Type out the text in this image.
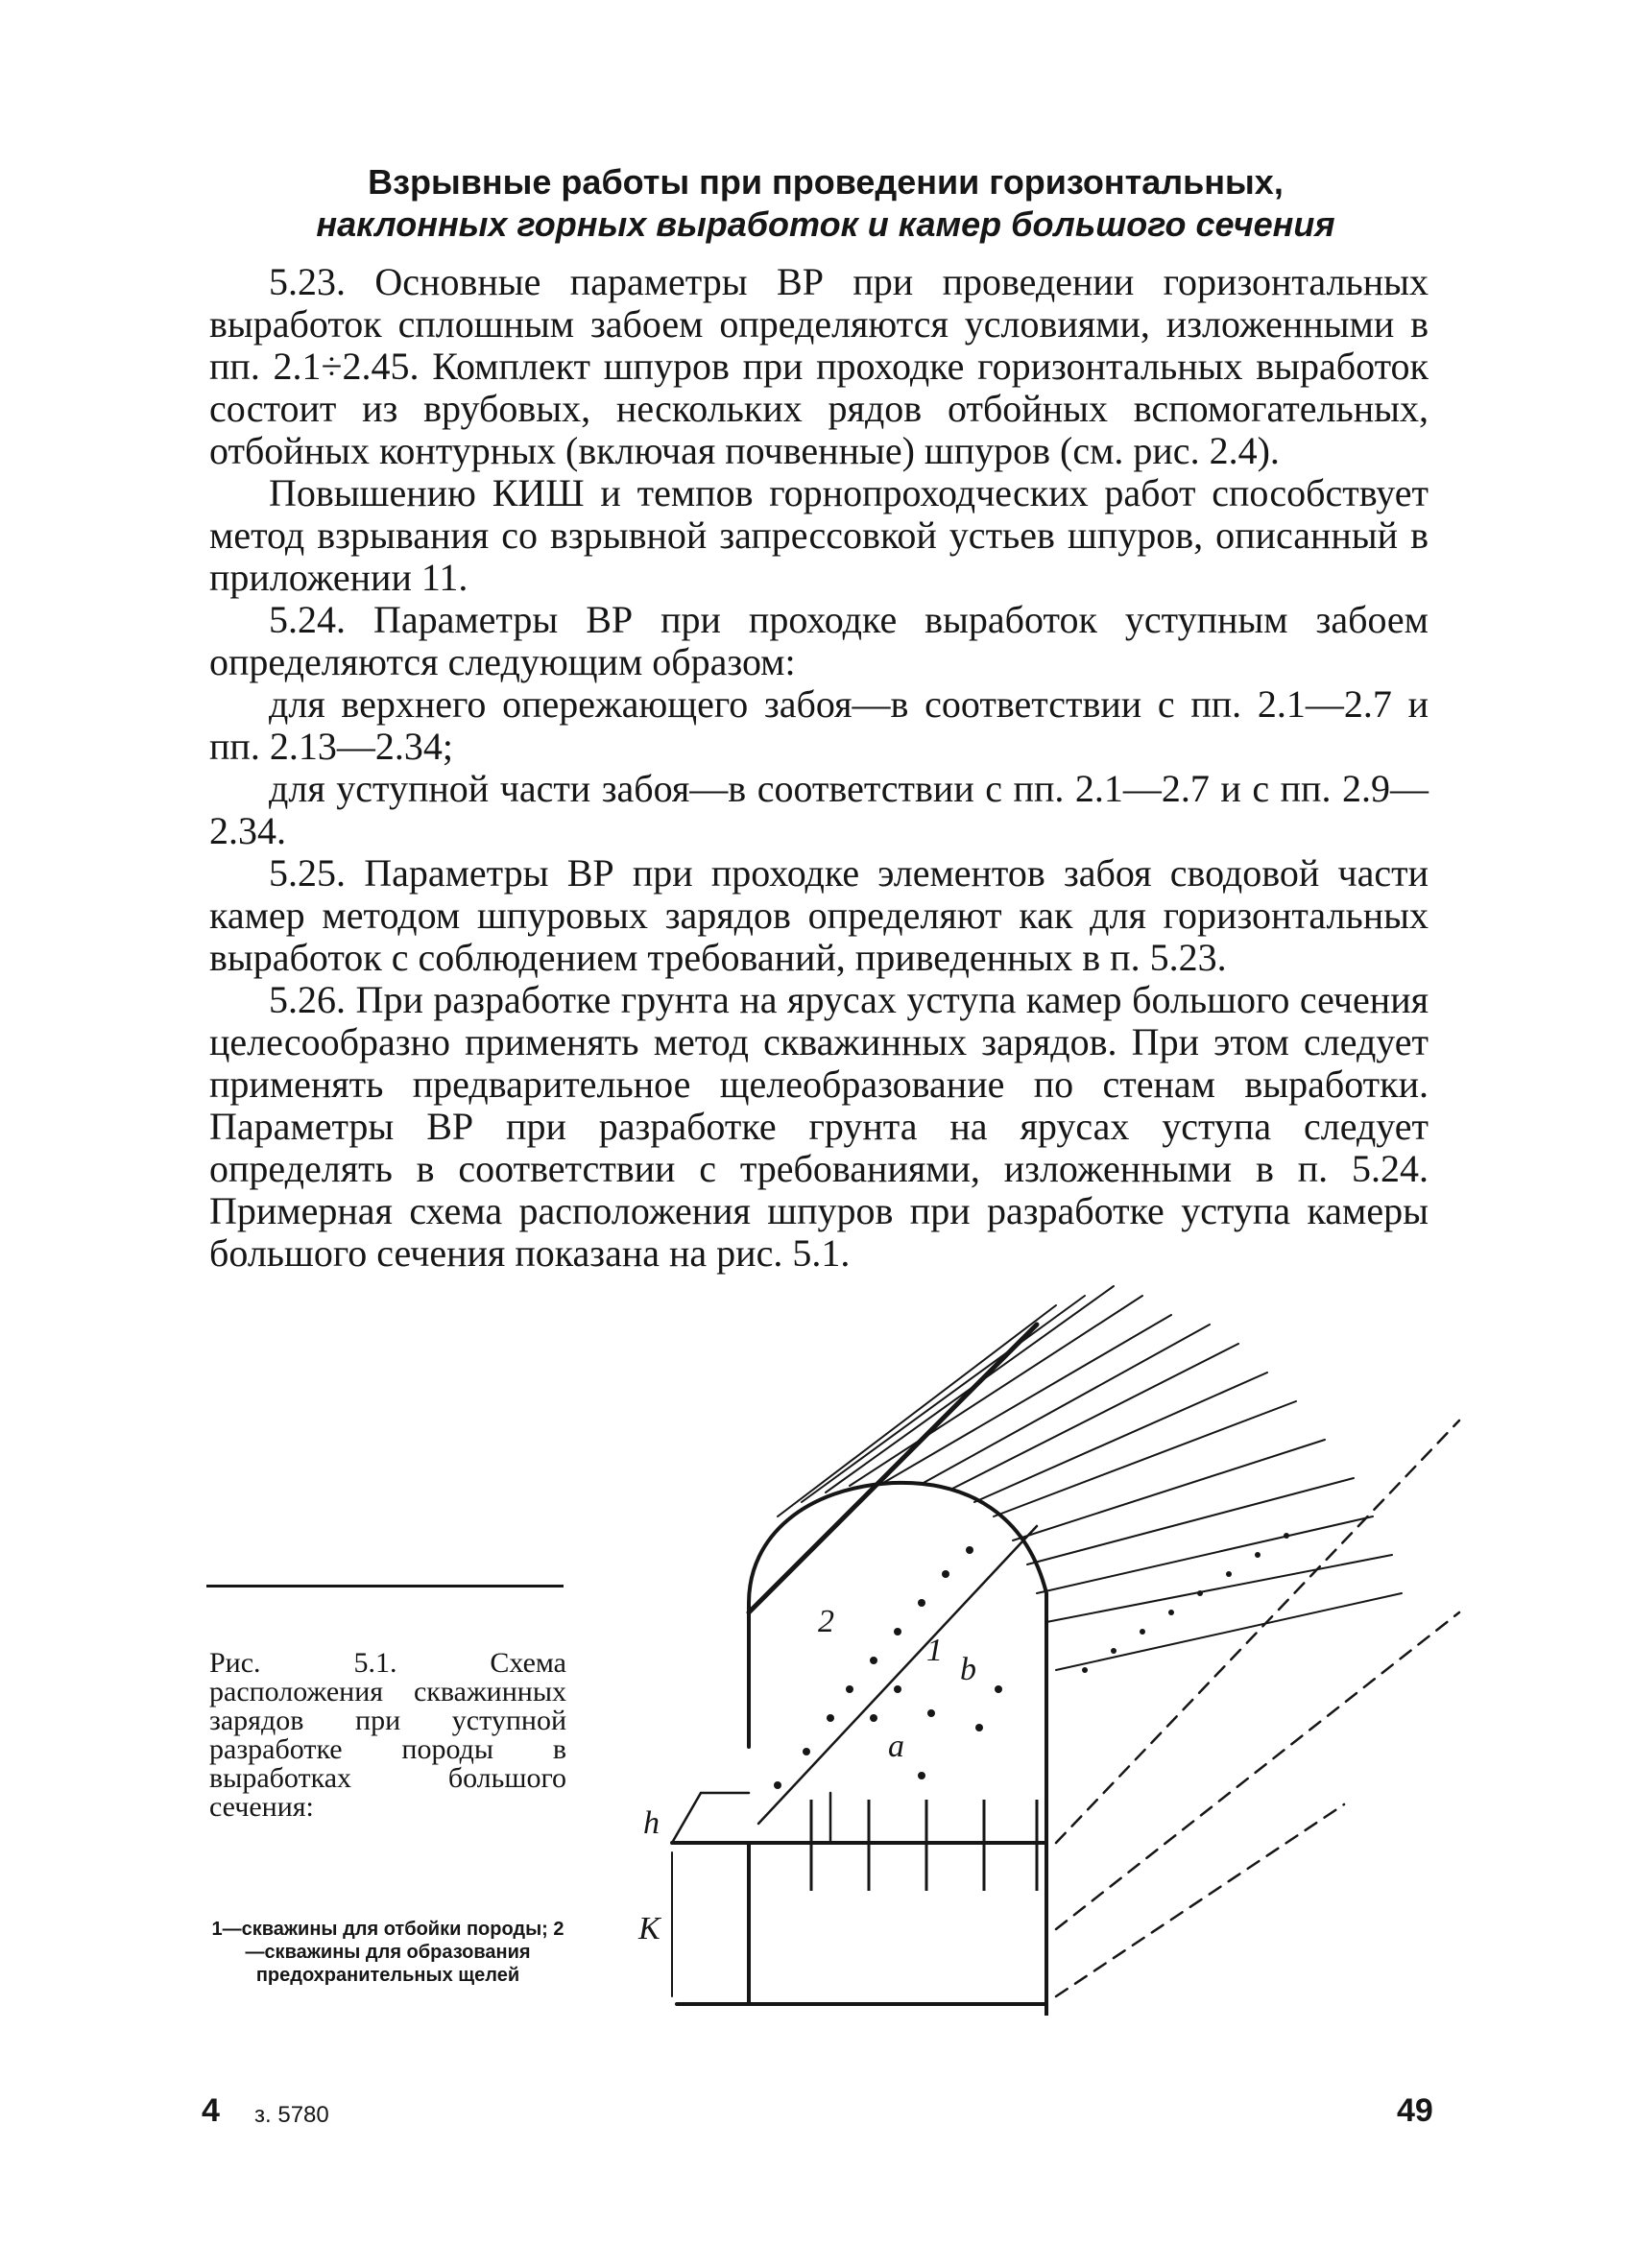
Взрывные работы при проведении горизонтальных,
наклонных горных выработок и камер большого сечения

5.23. Основные параметры ВР при проведении горизонтальных выработок сплошным забоем определяются условиями, изложенными в пп. 2.1÷2.45. Комплект шпуров при проходке горизонтальных выработок состоит из врубовых, нескольких рядов отбойных вспомогательных, отбойных контурных (включая почвенные) шпуров (см. рис. 2.4).

Повышению КИШ и темпов горнопроходческих работ способствует метод взрывания со взрывной запрессовкой устьев шпуров, описанный в приложении 11.

5.24. Параметры ВР при проходке выработок уступным забоем определяются следующим образом:

для верхнего опережающего забоя—в соответствии с пп. 2.1—2.7 и пп. 2.13—2.34;

для уступной части забоя—в соответствии с пп. 2.1—2.7 и с пп. 2.9—2.34.

5.25. Параметры ВР при проходке элементов забоя сводовой части камер методом шпуровых зарядов определяют как для горизонтальных выработок с соблюдением требований, приведенных в п. 5.23.

5.26. При разработке грунта на ярусах уступа камер большого сечения целесообразно применять метод скважинных зарядов. При этом следует применять предварительное щелеобразование по стенам выработки. Параметры ВР при разработке грунта на ярусах уступа следует определять в соответствии с требованиями, изложенными в п. 5.24. Примерная схема расположения шпуров при разработке уступа камеры большого сечения показана на рис. 5.1.

Рис. 5.1. Схема расположения скважинных зарядов при уступной разработке породы в выработках большого сечения:
1—скважины для отбойки породы; 2—скважины для образования предохранительных щелей
2
1
b
a
h
K
4 з. 5780	49
